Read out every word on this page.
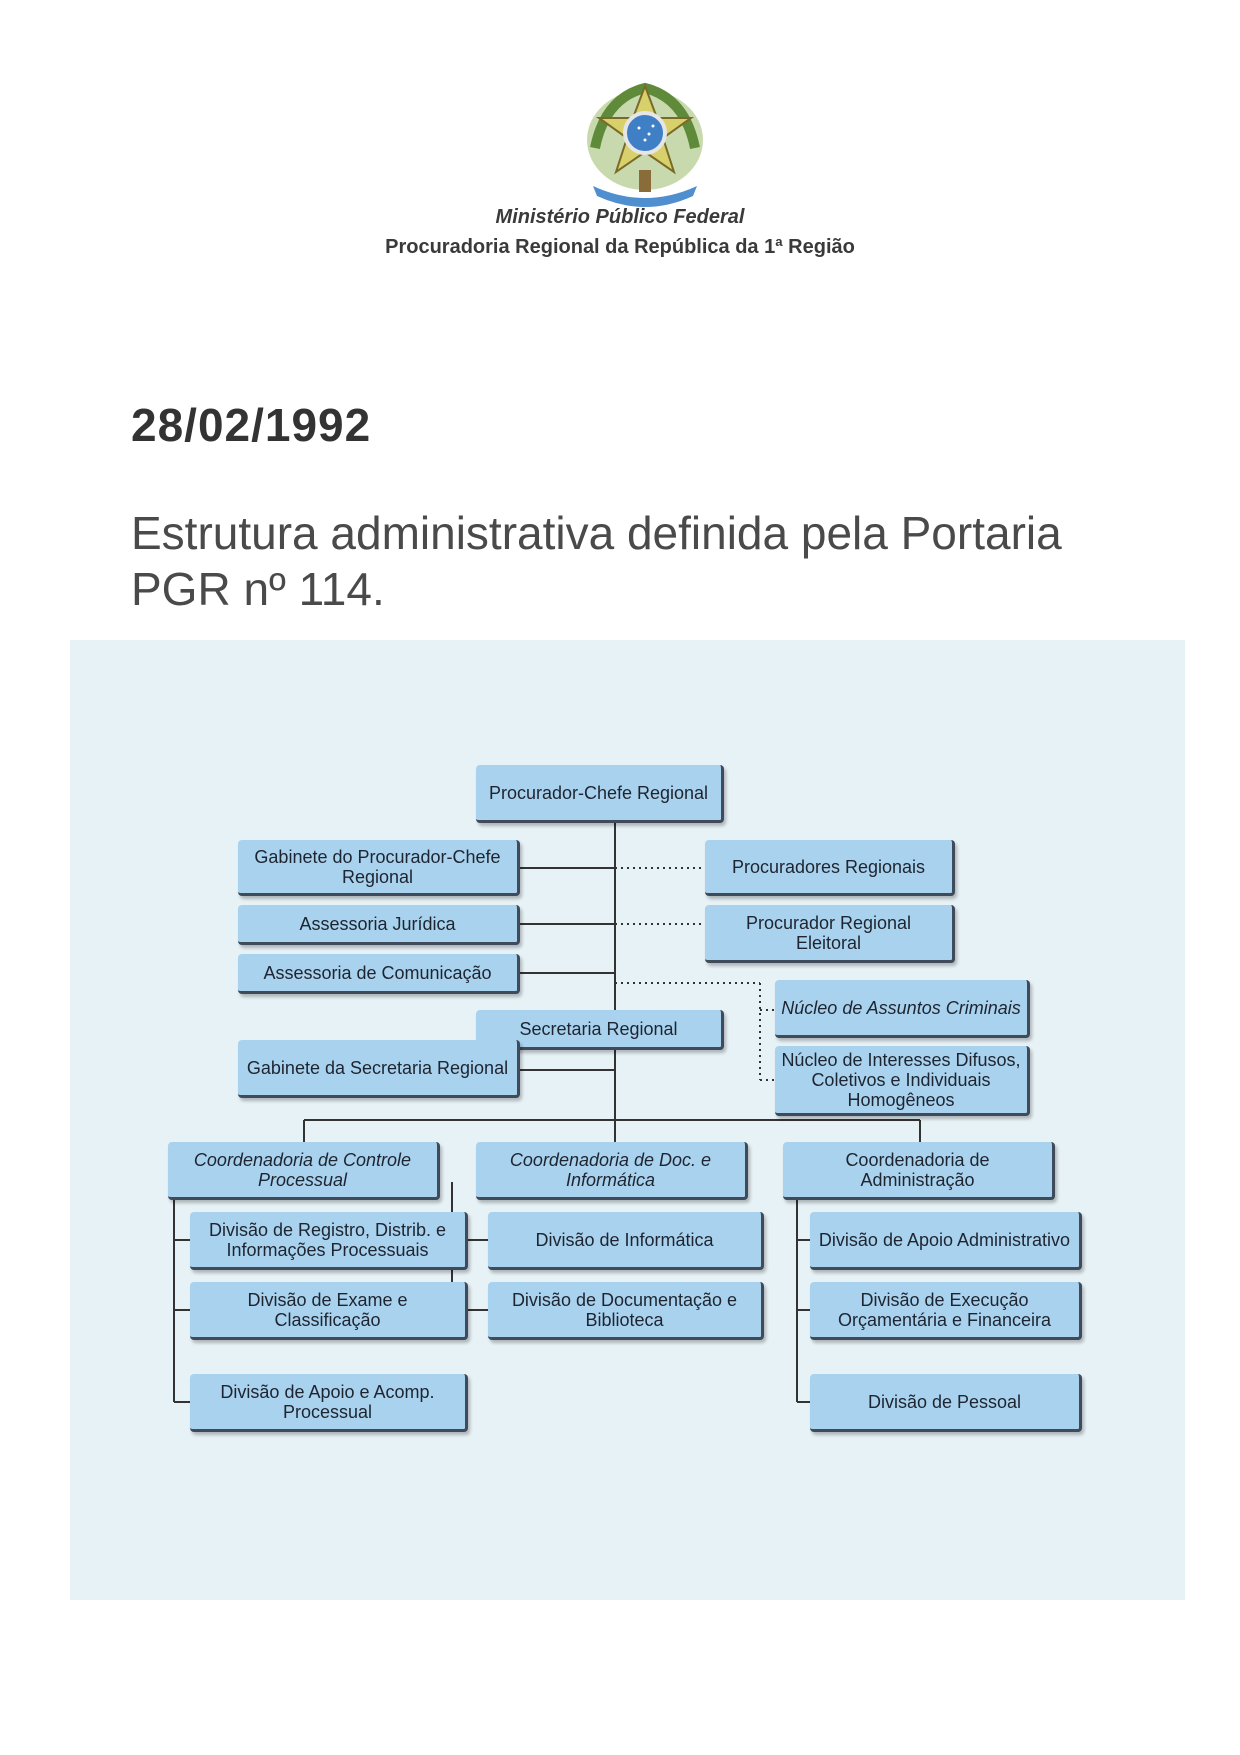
Ministério Público Federal
Procuradoria Regional da República da 1ª Região
28/02/1992
Estrutura administrativa definida pela Portaria PGR nº 114.
Procurador-Chefe Regional
Gabinete do Procurador-Chefe Regional
Assessoria Jurídica
Assessoria de Comunicação
Secretaria Regional
Gabinete da Secretaria Regional
Procuradores Regionais
Procurador Regional Eleitoral
Núcleo de Assuntos Criminais
Núcleo de Interesses Difusos, Coletivos e Individuais Homogêneos
Coordenadoria de Controle Processual
Coordenadoria de Doc. e Informática
Coordenadoria de Administração
Divisão de Registro, Distrib. e Informações Processuais
Divisão de Exame e Classificação
Divisão de Apoio e Acomp. Processual
Divisão de Informática
Divisão de Documentação e Biblioteca
Divisão de Apoio Administrativo
Divisão de Execução Orçamentária e Financeira
Divisão de Pessoal
